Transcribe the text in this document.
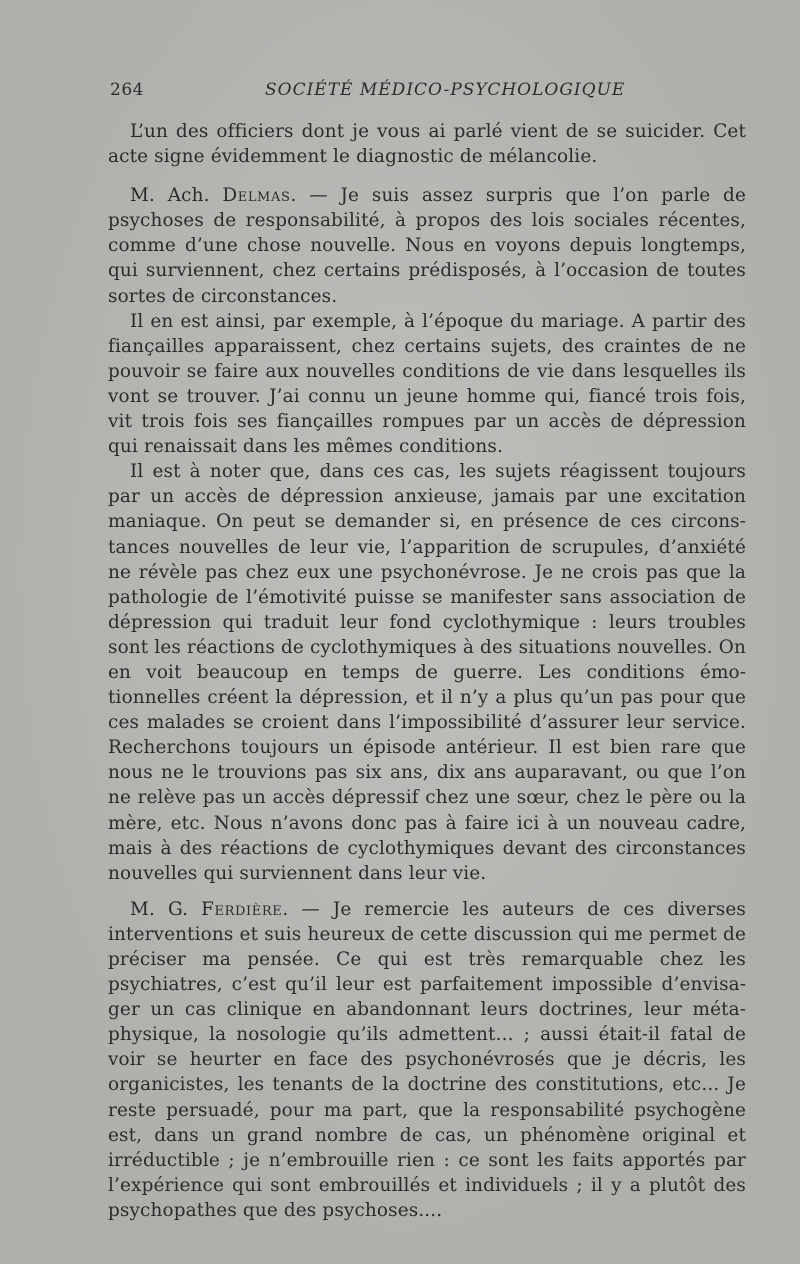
264	SOCIÉTÉ MÉDICO-PSYCHOLOGIQUE

L’un des officiers dont je vous ai parlé vient de se suicider. Cet acte signe évidemment le diagnostic de mélancolie.

M. Ach. Delmas. — Je suis assez surpris que l’on parle de psychoses de responsabilité, à propos des lois sociales récentes, comme d’une chose nouvelle. Nous en voyons depuis longtemps, qui surviennent, chez certains prédisposés, à l’occasion de toutes sortes de circonstances.

Il en est ainsi, par exemple, à l’époque du mariage. A partir des fiançailles apparaissent, chez certains sujets, des craintes de ne pouvoir se faire aux nouvelles conditions de vie dans lesquelles ils vont se trouver. J’ai connu un jeune homme qui, fiancé trois fois, vit trois fois ses fiançailles rompues par un accès de dépression qui renaissait dans les mêmes conditions.

Il est à noter que, dans ces cas, les sujets réagissent toujours par un accès de dépression anxieuse, jamais par une excitation maniaque. On peut se demander si, en présence de ces circonstances nouvelles de leur vie, l’apparition de scrupules, d’anxiété ne révèle pas chez eux une psychonévrose. Je ne crois pas que la pathologie de l’émotivité puisse se manifester sans association de dépression qui traduit leur fond cyclothymique : leurs troubles sont les réactions de cyclothymiques à des situations nouvelles. On en voit beaucoup en temps de guerre. Les conditions émotionnelles créent la dépression, et il n’y a plus qu’un pas pour que ces malades se croient dans l’impossibilité d’assurer leur service. Recherchons toujours un épisode antérieur. Il est bien rare que nous ne le trouvions pas six ans, dix ans auparavant, ou que l’on ne relève pas un accès dépressif chez une sœur, chez le père ou la mère, etc. Nous n’avons donc pas à faire ici à un nouveau cadre, mais à des réactions de cyclothymiques devant des circonstances nouvelles qui surviennent dans leur vie.

M. G. Ferdière. — Je remercie les auteurs de ces diverses interventions et suis heureux de cette discussion qui me permet de préciser ma pensée. Ce qui est très remarquable chez les psychiatres, c’est qu’il leur est parfaitement impossible d’envisager un cas clinique en abandonnant leurs doctrines, leur métaphysique, la nosologie qu’ils admettent... ; aussi était-il fatal de voir se heurter en face des psychonévrosés que je décris, les organicistes, les tenants de la doctrine des constitutions, etc... Je reste persuadé, pour ma part, que la responsabilité psychogène est, dans un grand nombre de cas, un phénomène original et irréductible ; je n’embrouille rien : ce sont les faits apportés par l’expérience qui sont embrouillés et individuels ; il y a plutôt des psychopathes que des psychoses....
